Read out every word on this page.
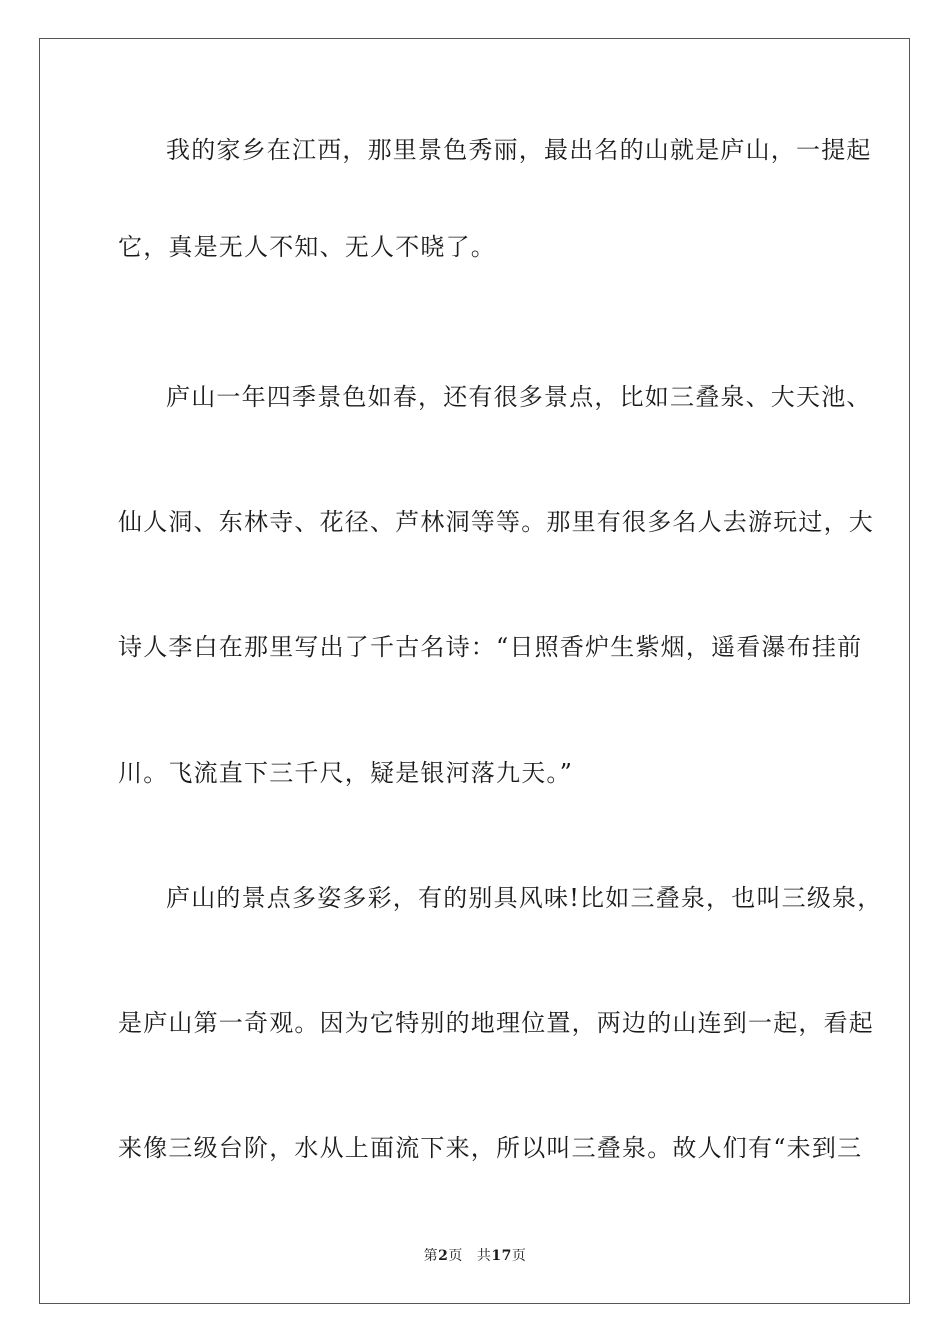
我的家乡在江西，那里景色秀丽，最出名的山就是庐山，一提起
它，真是无人不知、无人不晓了。
庐山一年四季景色如春，还有很多景点，比如三叠泉、大天池、
仙人洞、东林寺、花径、芦林洞等等。那里有很多名人去游玩过，大
诗人李白在那里写出了千古名诗：“日照香炉生紫烟，遥看瀑布挂前
川。飞流直下三千尺，疑是银河落九天。”
庐山的景点多姿多彩，有的别具风味!比如三叠泉，也叫三级泉，
是庐山第一奇观。因为它特别的地理位置，两边的山连到一起，看起
来像三级台阶，水从上面流下来，所以叫三叠泉。故人们有“未到三
第2页 共17页
